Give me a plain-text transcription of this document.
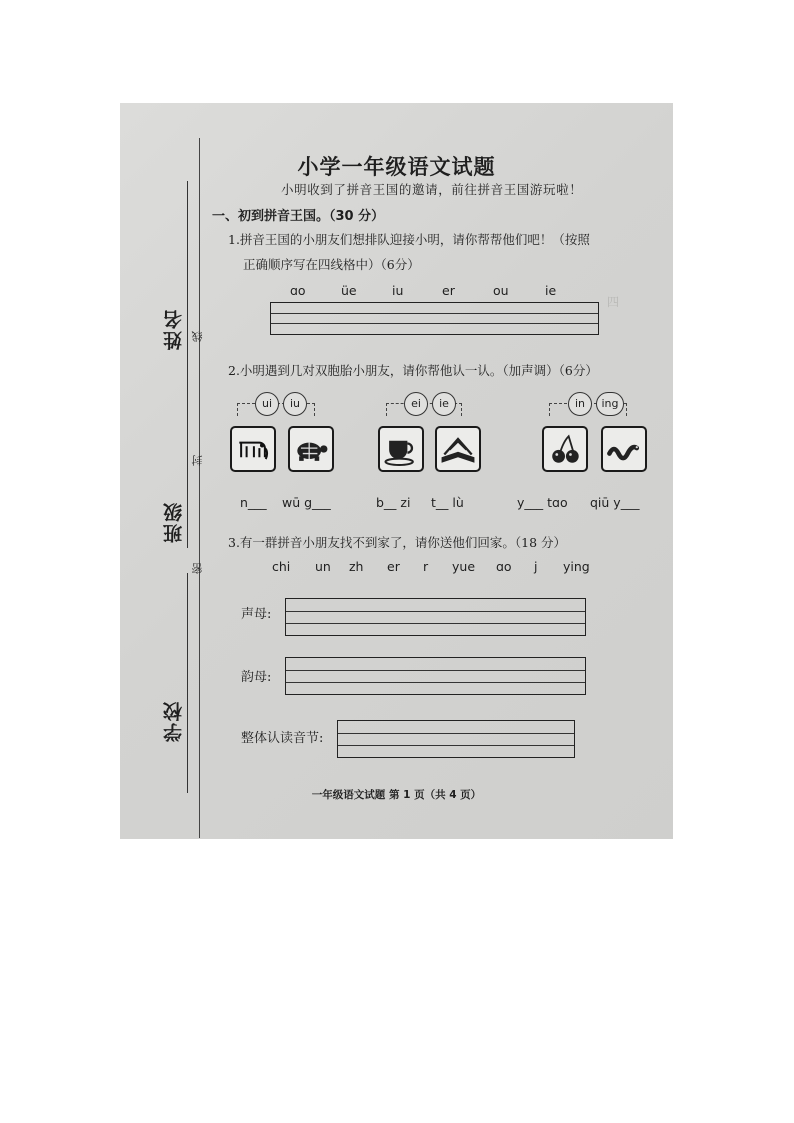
姓名 线
封
班级
密
学校
小学一年级语文试题
小明收到了拼音王国的邀请，前往拼音王国游玩啦！
一、初到拼音王国。（30 分）
1.拼音王国的小朋友们想排队迎接小明，请你帮帮他们吧！（按照
正确顺序写在四线格中）（6分）
ɑo	üe	iu	er	ou	ie
四
2.小明遇到几对双胞胎小朋友，请你帮他认一认。（加声调）（6分）
ui	iu
n___ wū g___
ei	ie
b__ zi t__ lù
in	ing
y___ tɑo qiū y___
3.有一群拼音小朋友找不到家了，请你送他们回家。（18 分）
chi un zh er r yue ɑo j ying
声母:
韵母:
整体认读音节:
一年级语文试题 第 1 页（共 4 页）
